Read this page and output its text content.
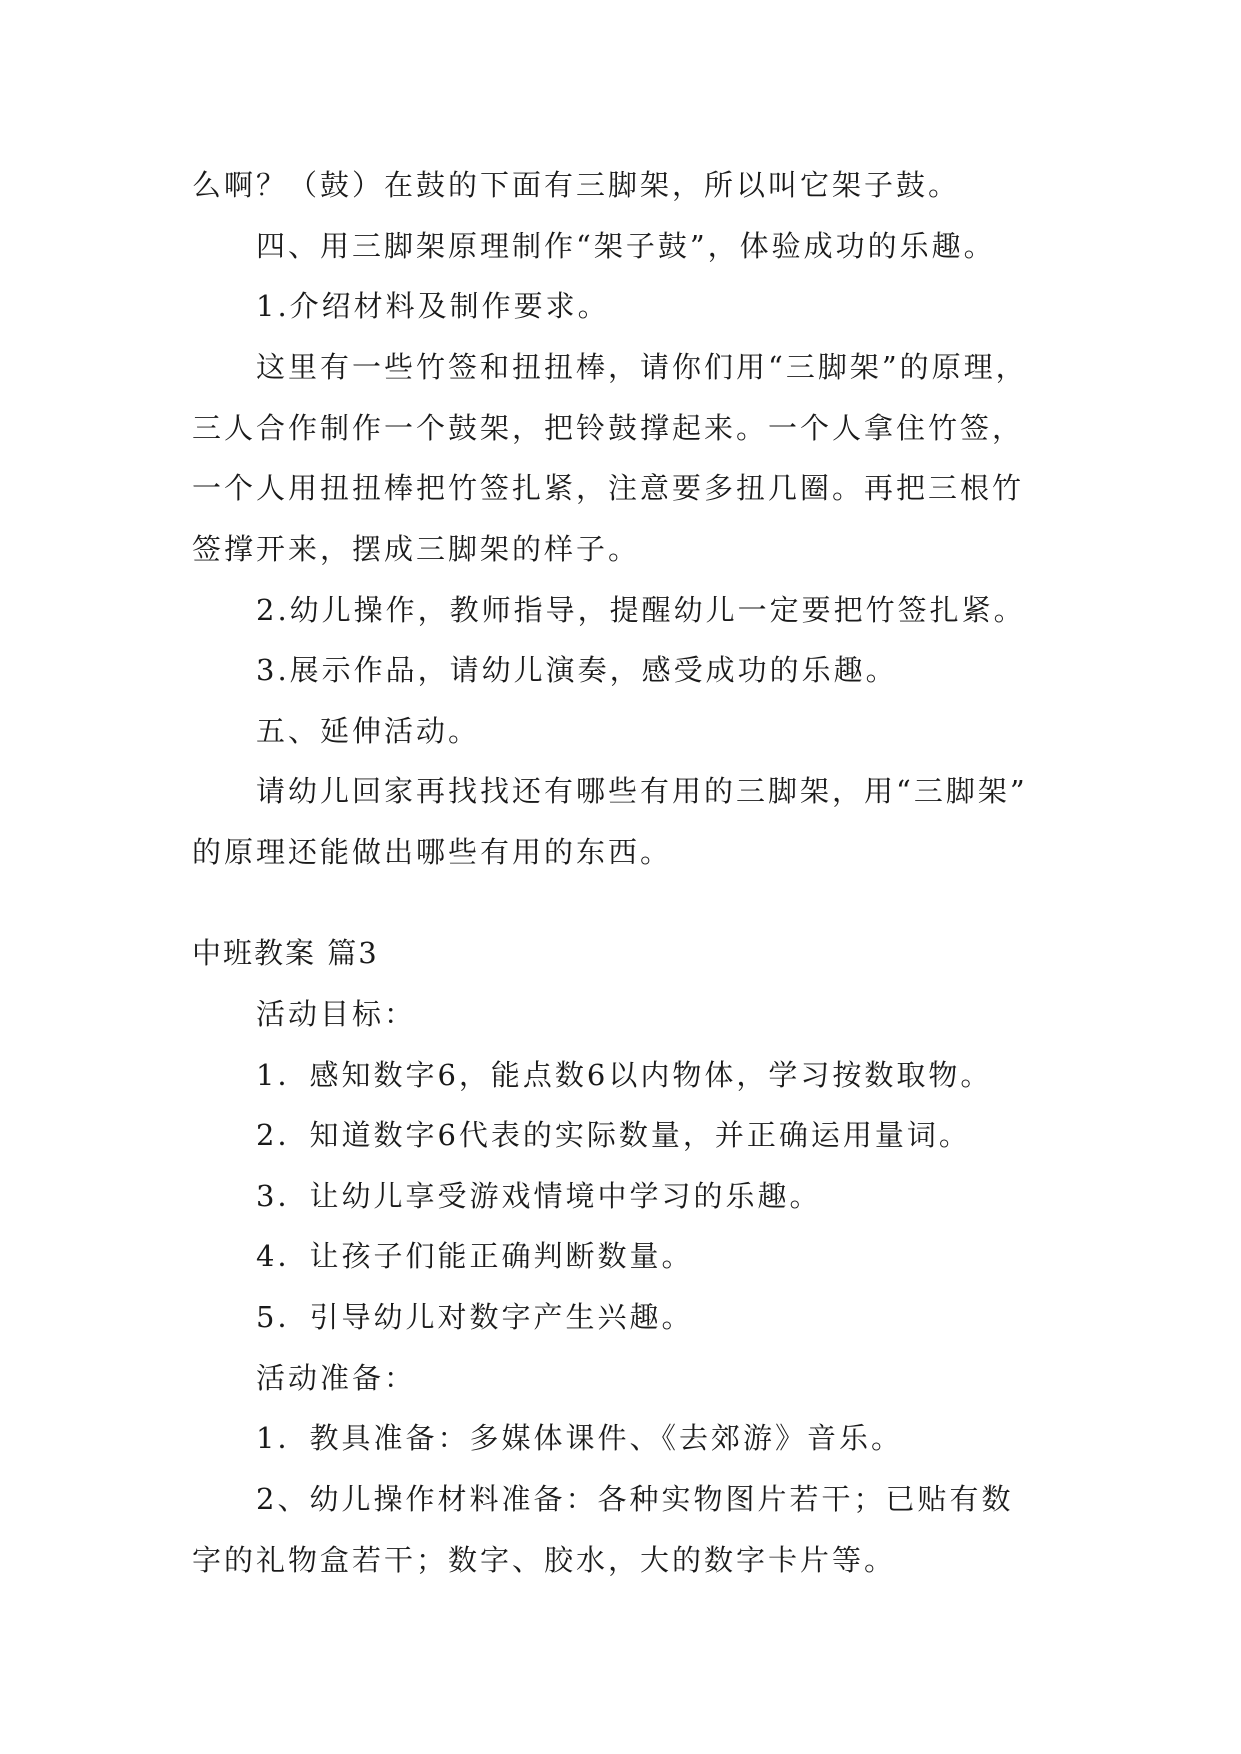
么啊？（鼓）在鼓的下面有三脚架，所以叫它架子鼓。
四、用三脚架原理制作“架子鼓”，体验成功的乐趣。
1.介绍材料及制作要求。
这里有一些竹签和扭扭棒，请你们用“三脚架”的原理，
三人合作制作一个鼓架，把铃鼓撑起来。一个人拿住竹签，
一个人用扭扭棒把竹签扎紧，注意要多扭几圈。再把三根竹
签撑开来，摆成三脚架的样子。
2.幼儿操作，教师指导，提醒幼儿一定要把竹签扎紧。
3.展示作品，请幼儿演奏，感受成功的乐趣。
五、延伸活动。
请幼儿回家再找找还有哪些有用的三脚架，用“三脚架”
的原理还能做出哪些有用的东西。
中班教案 篇3
活动目标：
1．感知数字6，能点数6以内物体，学习按数取物。
2．知道数字6代表的实际数量，并正确运用量词。
3．让幼儿享受游戏情境中学习的乐趣。
4．让孩子们能正确判断数量。
5．引导幼儿对数字产生兴趣。
活动准备：
1．教具准备：多媒体课件、《去郊游》音乐。
2、幼儿操作材料准备：各种实物图片若干；已贴有数
字的礼物盒若干；数字、胶水，大的数字卡片等。
